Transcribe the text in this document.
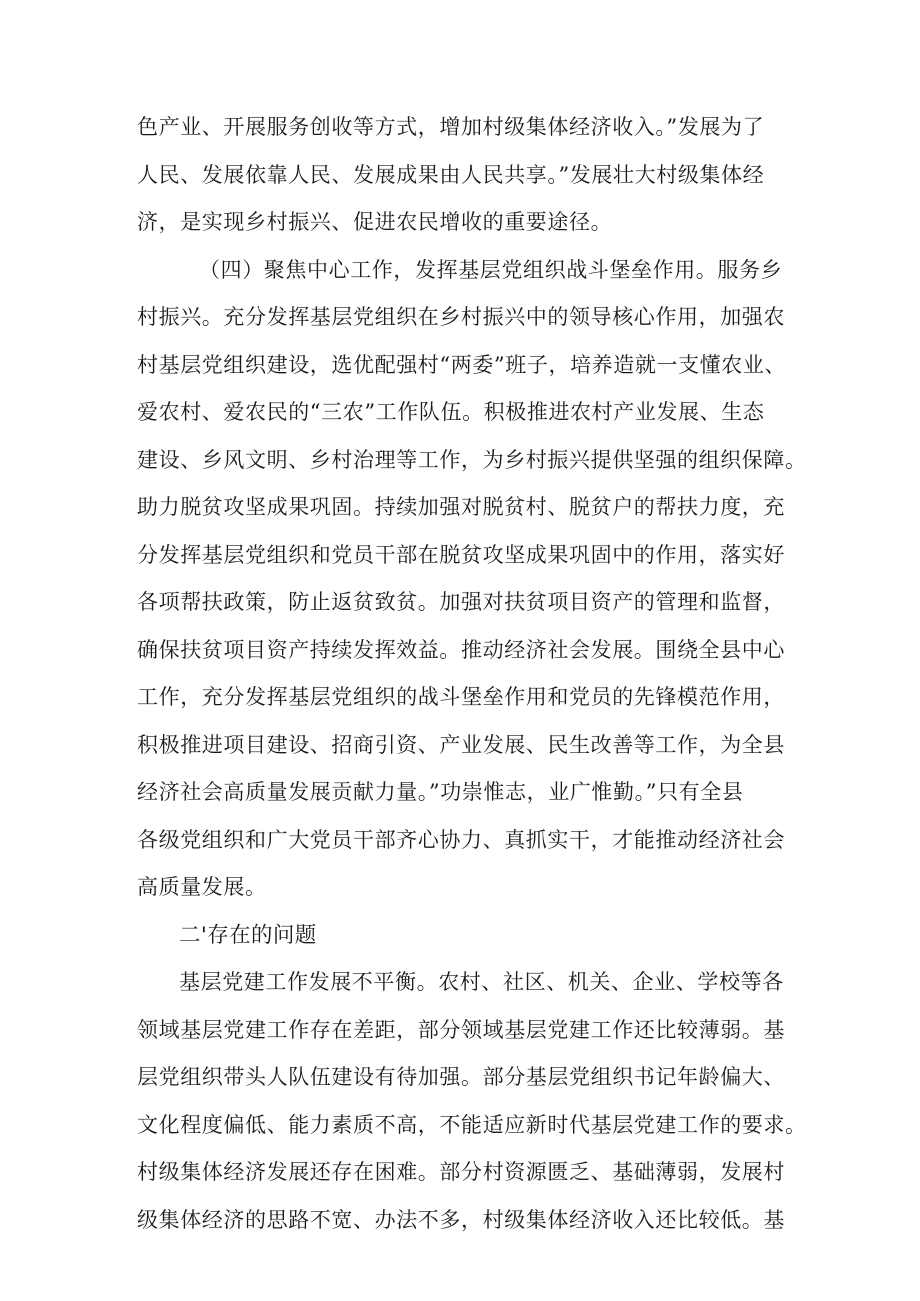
色产业、开展服务创收等方式，增加村级集体经济收入。”发展为了
人民、发展依靠人民、发展成果由人民共享。”发展壮大村级集体经
济，是实现乡村振兴、促进农民增收的重要途径。
（四）聚焦中心工作，发挥基层党组织战斗堡垒作用。服务乡
村振兴。充分发挥基层党组织在乡村振兴中的领导核心作用，加强农
村基层党组织建设，选优配强村“两委”班子，培养造就一支懂农业、
爱农村、爱农民的“三农”工作队伍。积极推进农村产业发展、生态
建设、乡风文明、乡村治理等工作，为乡村振兴提供坚强的组织保障。
助力脱贫攻坚成果巩固。持续加强对脱贫村、脱贫户的帮扶力度，充
分发挥基层党组织和党员干部在脱贫攻坚成果巩固中的作用，落实好
各项帮扶政策，防止返贫致贫。加强对扶贫项目资产的管理和监督，
确保扶贫项目资产持续发挥效益。推动经济社会发展。围绕全县中心
工作，充分发挥基层党组织的战斗堡垒作用和党员的先锋模范作用，
积极推进项目建设、招商引资、产业发展、民生改善等工作，为全县
经济社会高质量发展贡献力量。”功崇惟志，业广惟勤。”只有全县
各级党组织和广大党员干部齐心协力、真抓实干，才能推动经济社会
高质量发展。
二'存在的问题
基层党建工作发展不平衡。农村、社区、机关、企业、学校等各
领域基层党建工作存在差距，部分领域基层党建工作还比较薄弱。基
层党组织带头人队伍建设有待加强。部分基层党组织书记年龄偏大、
文化程度偏低、能力素质不高，不能适应新时代基层党建工作的要求。
村级集体经济发展还存在困难。部分村资源匮乏、基础薄弱，发展村
级集体经济的思路不宽、办法不多，村级集体经济收入还比较低。基
